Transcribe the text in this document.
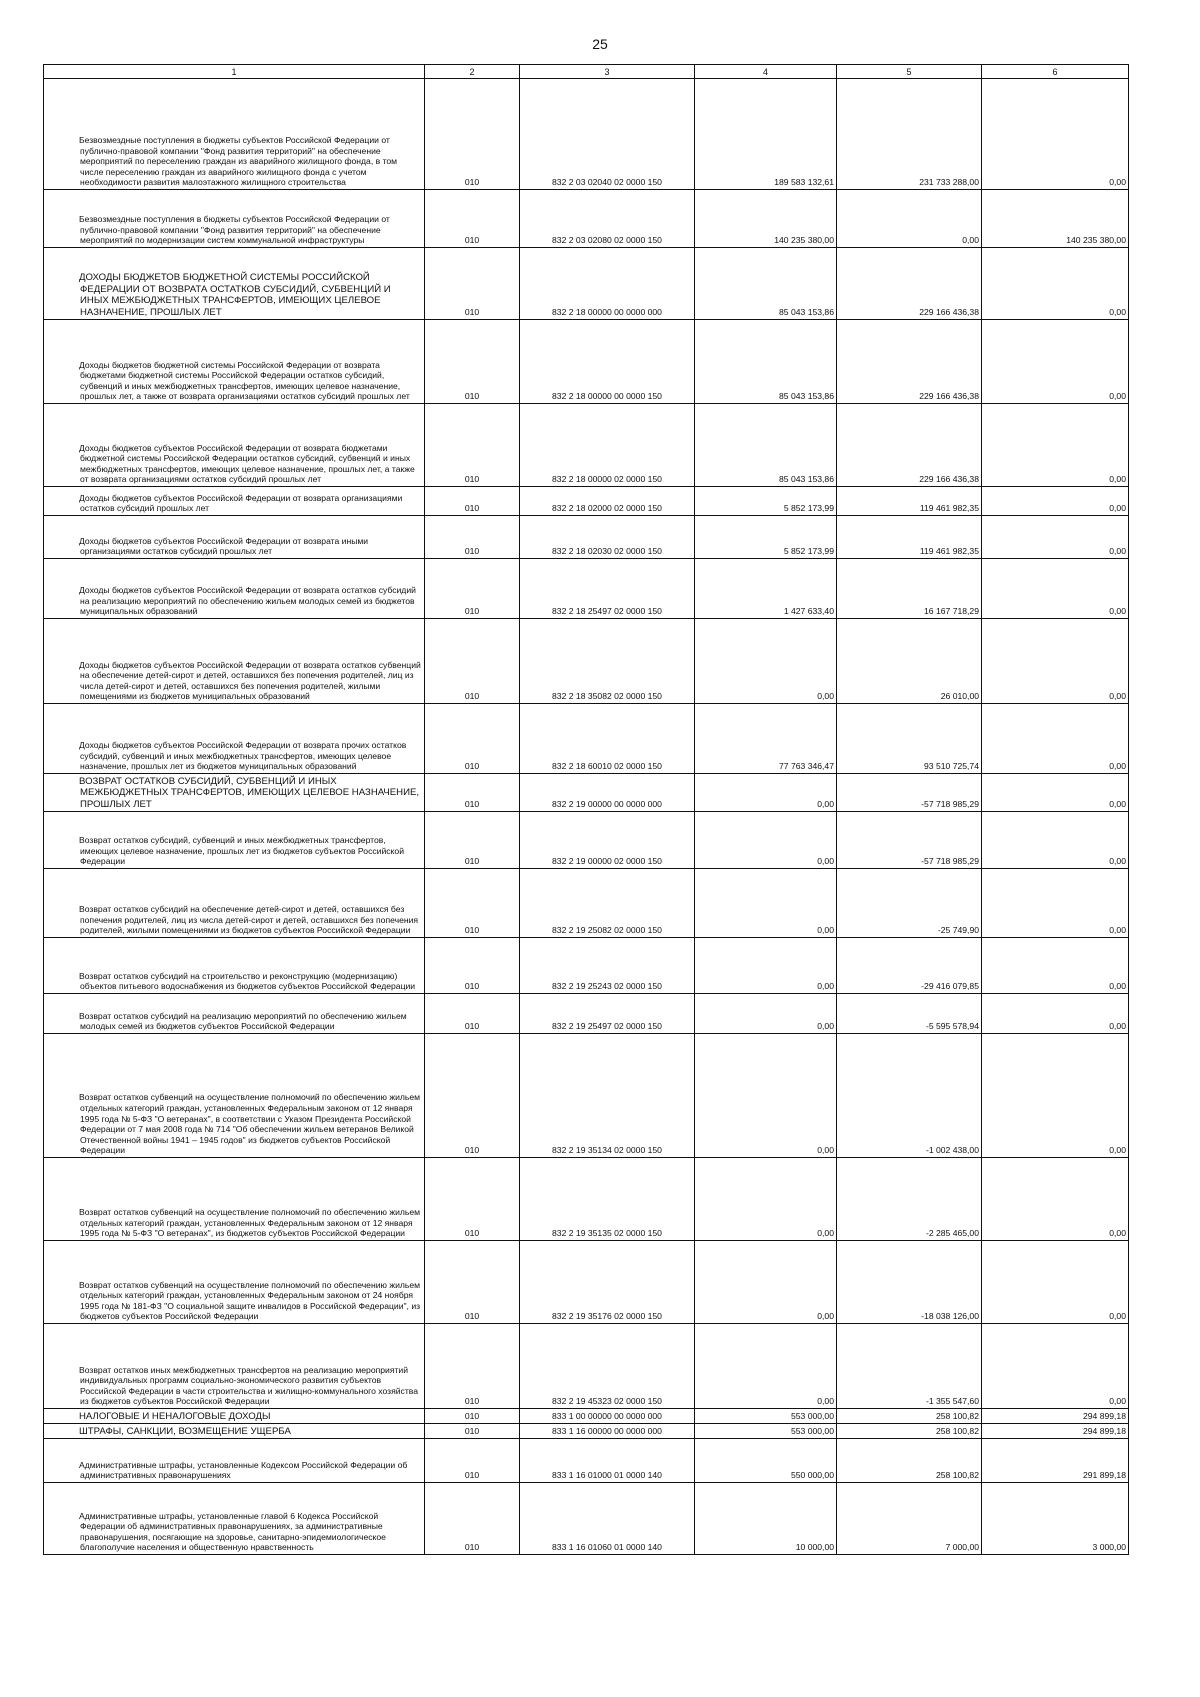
25
1	2	3	4	5	6

Безвозмездные поступления в бюджеты субъектов Российской Федерации от публично-правовой компании "Фонд развития территорий" на обеспечение мероприятий по переселению граждан из аварийного жилищного фонда, в том числе переселению граждан из аварийного жилищного фонда с учетом необходимости развития малоэтажного жилищного строительства	010	832 2 03 02040 02 0000 150	189 583 132,61	231 733 288,00	0,00

Безвозмездные поступления в бюджеты субъектов Российской Федерации от публично-правовой компании "Фонд развития территорий" на обеспечение мероприятий по модернизации систем коммунальной инфраструктуры	010	832 2 03 02080 02 0000 150	140 235 380,00	0,00	140 235 380,00

ДОХОДЫ БЮДЖЕТОВ БЮДЖЕТНОЙ СИСТЕМЫ РОССИЙСКОЙ ФЕДЕРАЦИИ ОТ ВОЗВРАТА ОСТАТКОВ СУБСИДИЙ, СУБВЕНЦИЙ И ИНЫХ МЕЖБЮДЖЕТНЫХ ТРАНСФЕРТОВ, ИМЕЮЩИХ ЦЕЛЕВОЕ НАЗНАЧЕНИЕ, ПРОШЛЫХ ЛЕТ	010	832 2 18 00000 00 0000 000	85 043 153,86	229 166 436,38	0,00

Доходы бюджетов бюджетной системы Российской Федерации от возврата бюджетами бюджетной системы Российской Федерации остатков субсидий, субвенций и иных межбюджетных трансфертов, имеющих целевое назначение, прошлых лет, а также от возврата организациями остатков субсидий прошлых лет	010	832 2 18 00000 00 0000 150	85 043 153,86	229 166 436,38	0,00

Доходы бюджетов субъектов Российской Федерации от возврата бюджетами бюджетной системы Российской Федерации остатков субсидий, субвенций и иных межбюджетных трансфертов, имеющих целевое назначение, прошлых лет, а также от возврата организациями остатков субсидий прошлых лет	010	832 2 18 00000 02 0000 150	85 043 153,86	229 166 436,38	0,00

Доходы бюджетов субъектов Российской Федерации от возврата организациями остатков субсидий прошлых лет	010	832 2 18 02000 02 0000 150	5 852 173,99	119 461 982,35	0,00

Доходы бюджетов субъектов Российской Федерации от возврата иными организациями остатков субсидий прошлых лет	010	832 2 18 02030 02 0000 150	5 852 173,99	119 461 982,35	0,00

Доходы бюджетов субъектов Российской Федерации от возврата остатков субсидий на реализацию мероприятий по обеспечению жильем молодых семей из бюджетов муниципальных образований	010	832 2 18 25497 02 0000 150	1 427 633,40	16 167 718,29	0,00

Доходы бюджетов субъектов Российской Федерации от возврата остатков субвенций на обеспечение детей-сирот и детей, оставшихся без попечения родителей, лиц из числа детей-сирот и детей, оставшихся без попечения родителей, жилыми помещениями из бюджетов муниципальных образований	010	832 2 18 35082 02 0000 150	0,00	26 010,00	0,00

Доходы бюджетов субъектов Российской Федерации от возврата прочих остатков субсидий, субвенций и иных межбюджетных трансфертов, имеющих целевое назначение, прошлых лет из бюджетов муниципальных образований	010	832 2 18 60010 02 0000 150	77 763 346,47	93 510 725,74	0,00

ВОЗВРАТ ОСТАТКОВ СУБСИДИЙ, СУБВЕНЦИЙ И ИНЫХ МЕЖБЮДЖЕТНЫХ ТРАНСФЕРТОВ, ИМЕЮЩИХ ЦЕЛЕВОЕ НАЗНАЧЕНИЕ, ПРОШЛЫХ ЛЕТ	010	832 2 19 00000 00 0000 000	0,00	-57 718 985,29	0,00

Возврат остатков субсидий, субвенций и иных межбюджетных трансфертов, имеющих целевое назначение, прошлых лет из бюджетов субъектов Российской Федерации	010	832 2 19 00000 02 0000 150	0,00	-57 718 985,29	0,00

Возврат остатков субсидий на обеспечение детей-сирот и детей, оставшихся без попечения родителей, лиц из числа детей-сирот и детей, оставшихся без попечения родителей, жилыми помещениями из бюджетов субъектов Российской Федерации	010	832 2 19 25082 02 0000 150	0,00	-25 749,90	0,00

Возврат остатков субсидий на строительство и реконструкцию (модернизацию) объектов питьевого водоснабжения из бюджетов субъектов Российской Федерации	010	832 2 19 25243 02 0000 150	0,00	-29 416 079,85	0,00

Возврат остатков субсидий на реализацию мероприятий по обеспечению жильем молодых семей из бюджетов субъектов Российской Федерации	010	832 2 19 25497 02 0000 150	0,00	-5 595 578,94	0,00

Возврат остатков субвенций на осуществление полномочий по обеспечению жильем отдельных категорий граждан, установленных Федеральным законом от 12 января 1995 года № 5-ФЗ "О ветеранах", в соответствии с Указом Президента Российской Федерации от 7 мая 2008 года № 714 "Об обеспечении жильем ветеранов Великой Отечественной войны 1941 – 1945 годов" из бюджетов субъектов Российской Федерации	010	832 2 19 35134 02 0000 150	0,00	-1 002 438,00	0,00

Возврат остатков субвенций на осуществление полномочий по обеспечению жильем отдельных категорий граждан, установленных Федеральным законом от 12 января 1995 года № 5-ФЗ "О ветеранах", из бюджетов субъектов Российской Федерации	010	832 2 19 35135 02 0000 150	0,00	-2 285 465,00	0,00

Возврат остатков субвенций на осуществление полномочий по обеспечению жильем отдельных категорий граждан, установленных Федеральным законом от 24 ноября 1995 года № 181-ФЗ "О социальной защите инвалидов в Российской Федерации", из бюджетов субъектов Российской Федерации	010	832 2 19 35176 02 0000 150	0,00	-18 038 126,00	0,00

Возврат остатков иных межбюджетных трансфертов на реализацию мероприятий индивидуальных программ социально-экономического развития субъектов Российской Федерации в части строительства и жилищно-коммунального хозяйства из бюджетов субъектов Российской Федерации	010	832 2 19 45323 02 0000 150	0,00	-1 355 547,60	0,00

НАЛОГОВЫЕ И НЕНАЛОГОВЫЕ ДОХОДЫ	010	833 1 00 00000 00 0000 000	553 000,00	258 100,82	294 899,18

ШТРАФЫ, САНКЦИИ, ВОЗМЕЩЕНИЕ УЩЕРБА	010	833 1 16 00000 00 0000 000	553 000,00	258 100,82	294 899,18

Административные штрафы, установленные Кодексом Российской Федерации об административных правонарушениях	010	833 1 16 01000 01 0000 140	550 000,00	258 100,82	291 899,18

Административные штрафы, установленные главой 6 Кодекса Российской Федерации об административных правонарушениях, за административные правонарушения, посягающие на здоровье, санитарно-эпидемиологическое благополучие населения и общественную нравственность	010	833 1 16 01060 01 0000 140	10 000,00	7 000,00	3 000,00
